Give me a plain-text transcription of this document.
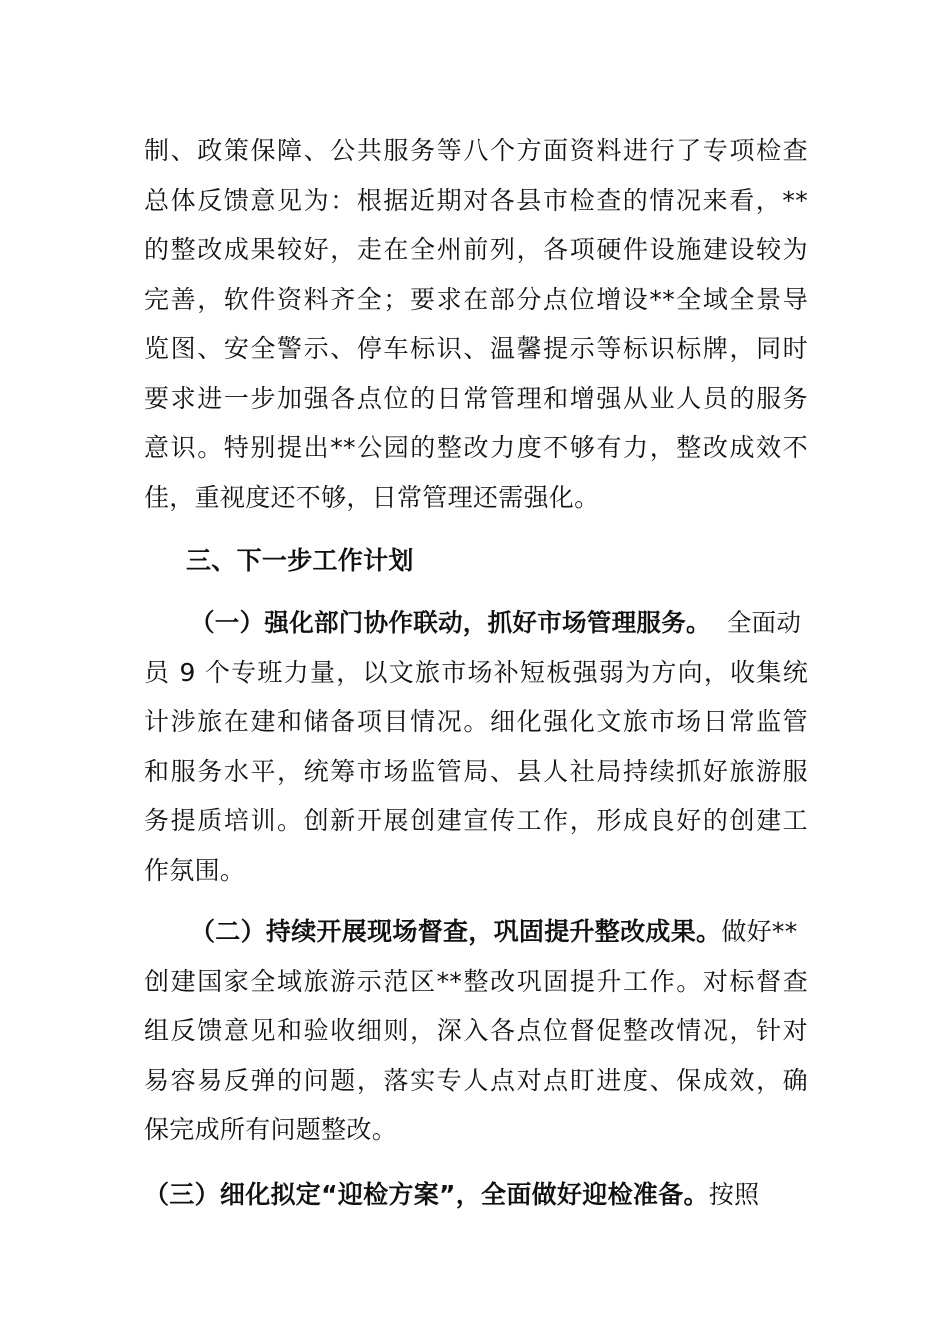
制、政策保障、公共服务等八个方面资料进行了专项检查
总体反馈意见为：根据近期对各县市检查的情况来看，**
的整改成果较好，走在全州前列，各项硬件设施建设较为
完善，软件资料齐全；要求在部分点位增设**全域全景导
览图、安全警示、停车标识、温馨提示等标识标牌，同时
要求进一步加强各点位的日常管理和增强从业人员的服务
意识。特别提出**公园的整改力度不够有力，整改成效不
佳，重视度还不够，日常管理还需强化。
三、下一步工作计划
（一）强化部门协作联动，抓好市场管理服务。 全面动
员 9 个专班力量，以文旅市场补短板强弱为方向，收集统
计涉旅在建和储备项目情况。细化强化文旅市场日常监管
和服务水平，统筹市场监管局、县人社局持续抓好旅游服
务提质培训。创新开展创建宣传工作，形成良好的创建工
作氛围。
（二）持续开展现场督查，巩固提升整改成果。做好**
创建国家全域旅游示范区**整改巩固提升工作。对标督查
组反馈意见和验收细则，深入各点位督促整改情况，针对
易容易反弹的问题，落实专人点对点盯进度、保成效，确
保完成所有问题整改。
（三）细化拟定“迎检方案”，全面做好迎检准备。按照
